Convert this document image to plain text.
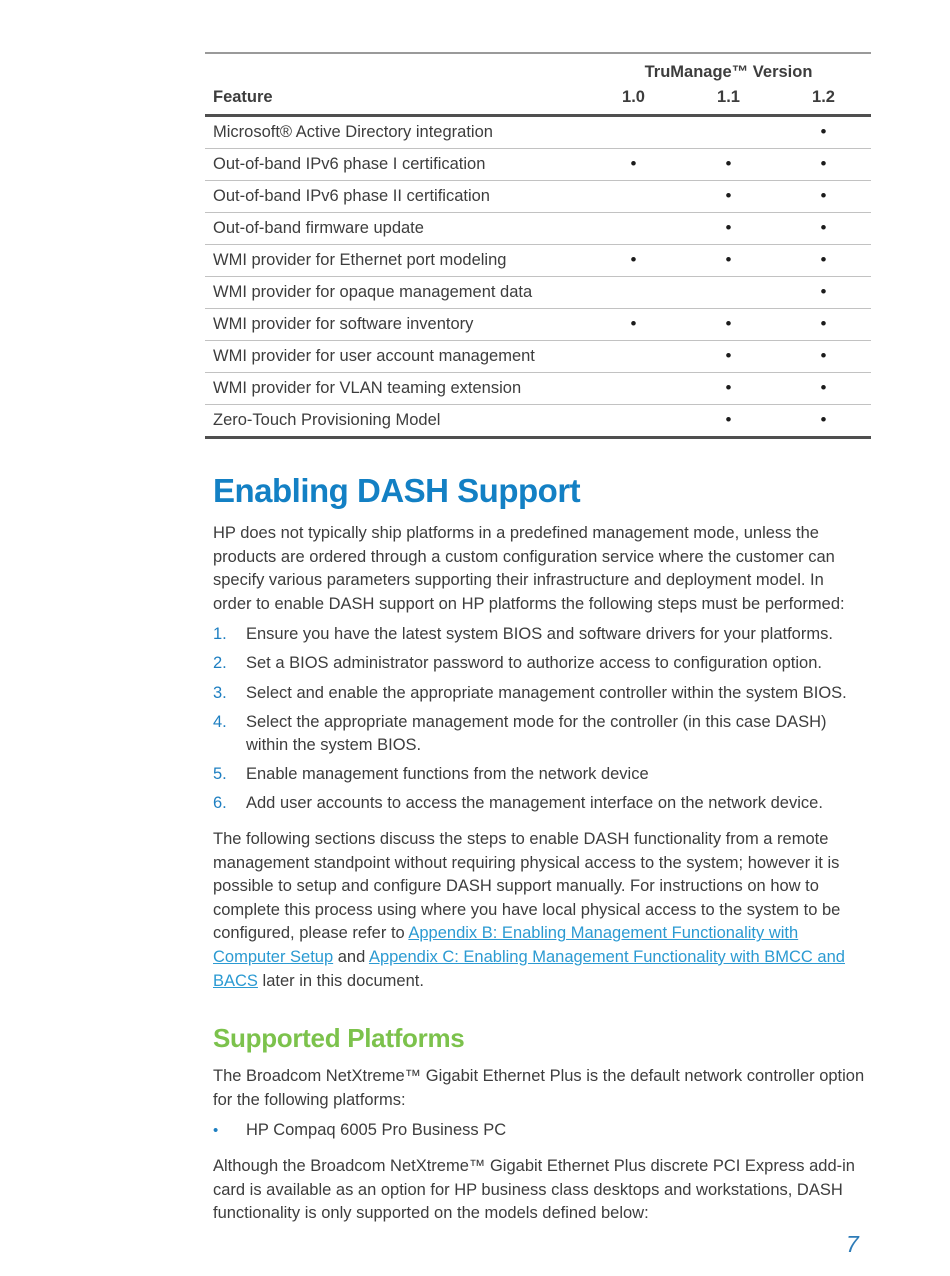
	TruManage™ Version		
Feature	1.0	1.1	1.2
Microsoft® Active Directory integration			•
Out-of-band IPv6 phase I certification	•	•	•
Out-of-band IPv6 phase II certification		•	•
Out-of-band firmware update		•	•
WMI provider for Ethernet port modeling	•	•	•
WMI provider for opaque management data			•
WMI provider for software inventory	•	•	•
WMI provider for user account management		•	•
WMI provider for VLAN teaming extension		•	•
Zero-Touch Provisioning Model		•	•
Enabling DASH Support

HP does not typically ship platforms in a predefined management mode, unless the products are ordered through a custom configuration service where the customer can specify various parameters supporting their infrastructure and deployment model. In order to enable DASH support on HP platforms the following steps must be performed:

1.	Ensure you have the latest system BIOS and software drivers for your platforms.
2.	Set a BIOS administrator password to authorize access to configuration option.
3.	Select and enable the appropriate management controller within the system BIOS.
4.	Select the appropriate management mode for the controller (in this case DASH) within the system BIOS.
5.	Enable management functions from the network device
6.	Add user accounts to access the management interface on the network device.

The following sections discuss the steps to enable DASH functionality from a remote management standpoint without requiring physical access to the system; however it is possible to setup and configure DASH support manually. For instructions on how to complete this process using where you have local physical access to the system to be configured, please refer to Appendix B: Enabling Management Functionality with Computer Setup and Appendix C: Enabling Management Functionality with BMCC and BACS later in this document.

Supported Platforms

The Broadcom NetXtreme™ Gigabit Ethernet Plus is the default network controller option for the following platforms:

•	HP Compaq 6005 Pro Business PC

Although the Broadcom NetXtreme™ Gigabit Ethernet Plus discrete PCI Express add-in card is available as an option for HP business class desktops and workstations, DASH functionality is only supported on the models defined below:

7
